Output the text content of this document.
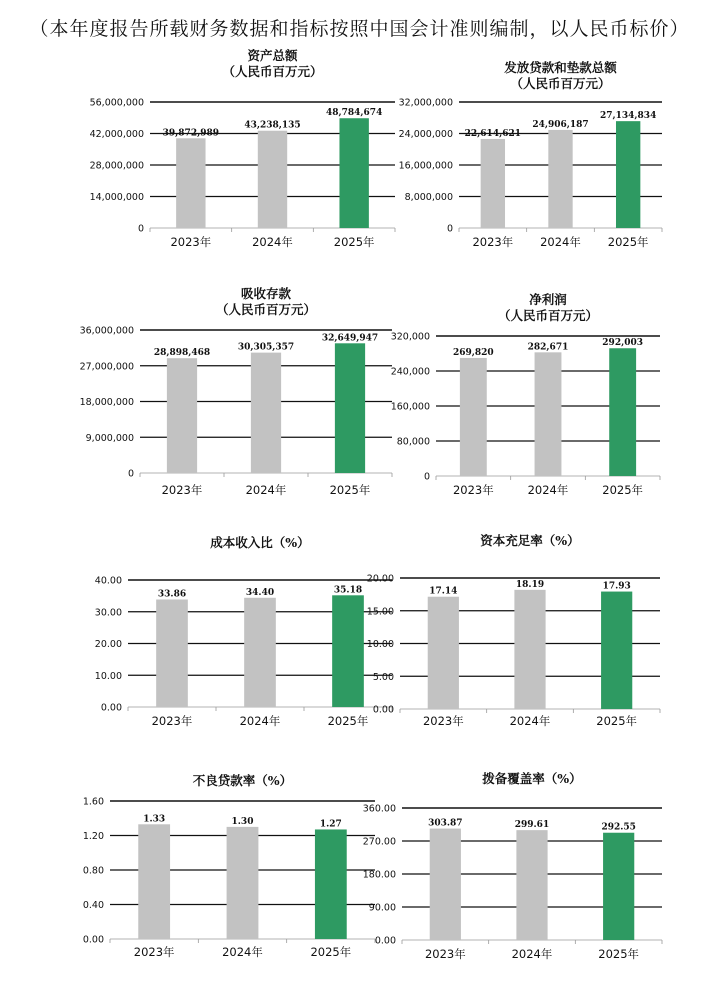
（本年度报告所载财务数据和指标按照中国会计准则编制，以人民币标价）
资产总额
（人民币百万元）
0
14,000,000
28,000,000
42,000,000
56,000,000
39,872,989
2023年
43,238,135
2024年
48,784,674
2025年
发放贷款和垫款总额
（人民币百万元）
0
8,000,000
16,000,000
24,000,000
32,000,000
22,614,621
2023年
24,906,187
2024年
27,134,834
2025年
吸收存款
（人民币百万元）
0
9,000,000
18,000,000
27,000,000
36,000,000
28,898,468
2023年
30,305,357
2024年
32,649,947
2025年
净利润
（人民币百万元）
0
80,000
160,000
240,000
320,000
269,820
2023年
282,671
2024年
292,003
2025年
成本收入比（%）
0.00
10.00
20.00
30.00
40.00
33.86
2023年
34.40
2024年
35.18
2025年
资本充足率（%）
0.00
5.00
10.00
15.00
20.00
17.14
2023年
18.19
2024年
17.93
2025年
不良贷款率（%）
0.00
0.40
0.80
1.20
1.60
1.33
2023年
1.30
2024年
1.27
2025年
拨备覆盖率（%）
0.00
90.00
180.00
270.00
360.00
303.87
2023年
299.61
2024年
292.55
2025年
